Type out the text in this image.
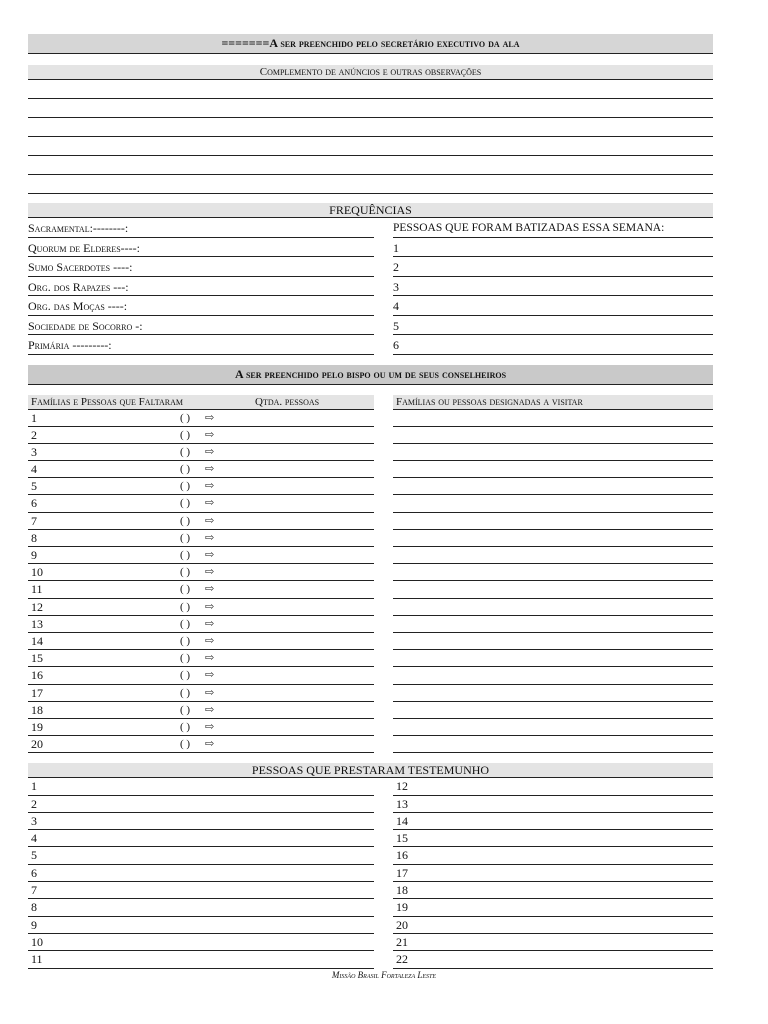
=======A ser preenchido pelo secretário executivo da ala
Complemento de anúncios e outras observações
FREQUÊNCIAS
Sacramental:--------:
Quorum de Elderes----:
Sumo Sacerdotes ----:
Org. dos Rapazes ---:
Org. das Moças ----:
Sociedade de Socorro -:
Primária ---------:
PESSOAS QUE FORAM BATIZADAS ESSA SEMANA:
1
2
3
4
5
6
A ser preenchido pelo bispo ou um de seus conselheiros
Famílias e Pessoas que Faltaram	Qtda. pessoas
1	( ) ⇨
2	( ) ⇨
3	( ) ⇨
4	( ) ⇨
5	( ) ⇨
6	( ) ⇨
7	( ) ⇨
8	( ) ⇨
9	( ) ⇨
10	( ) ⇨
11	( ) ⇨
12	( ) ⇨
13	( ) ⇨
14	( ) ⇨
15	( ) ⇨
16	( ) ⇨
17	( ) ⇨
18	( ) ⇨
19	( ) ⇨
20	( ) ⇨
Famílias ou pessoas designadas a visitar
PESSOAS QUE PRESTARAM TESTEMUNHO
1
2
3
4
5
6
7
8
9
10
11
12
13
14
15
16
17
18
19
20
21
22
Missão Brasil Fortaleza Leste
